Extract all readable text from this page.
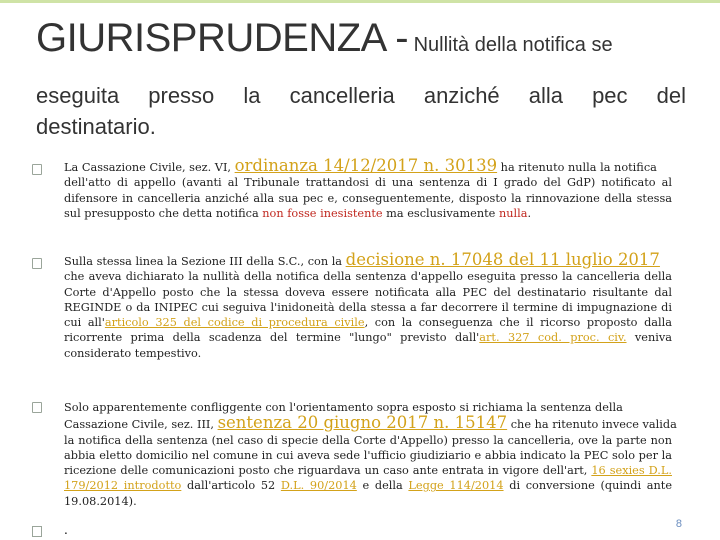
GIURISPRUDENZA - Nullità della notifica se
eseguita presso la cancelleria anziché alla pec del
destinatario.
La Cassazione Civile, sez. VI, ordinanza 14/12/2017 n. 30139 ha ritenuto nulla la notifica
dell'atto di appello (avanti al Tribunale trattandosi di una sentenza di I grado del GdP) notificato al difensore in cancelleria anziché alla sua pec e, conseguentemente, disposto la rinnovazione della stessa sul presupposto che detta notifica non fosse inesistente ma esclusivamente nulla.
Sulla stessa linea la Sezione III della S.C., con la decisione n. 17048 del 11 luglio 2017
che aveva dichiarato la nullità della notifica della sentenza d'appello eseguita presso la cancelleria della Corte d'Appello posto che la stessa doveva essere notificata alla PEC del destinatario risultante dal REGINDE o da INIPEC cui seguiva l'inidoneità della stessa a far decorrere il termine di impugnazione di cui all'articolo 325 del codice di procedura civile, con la conseguenza che il ricorso proposto dalla ricorrente prima della scadenza del termine "lungo" previsto dall'art. 327 cod. proc. civ. veniva considerato tempestivo.
Solo apparentemente confliggente con l'orientamento sopra esposto si richiama la sentenza della
Cassazione Civile, sez. III, sentenza 20 giugno 2017 n. 15147 che ha ritenuto invece valida
la notifica della sentenza (nel caso di specie della Corte d'Appello) presso la cancelleria, ove la parte non abbia eletto domicilio nel comune in cui aveva sede l'ufficio giudiziario e abbia indicato la PEC solo per la ricezione delle comunicazioni posto che riguardava un caso ante entrata in vigore dell'art, 16 sexies D.L. 179/2012 introdotto dall'articolo 52 D.L. 90/2014 e della Legge 114/2014 di conversione (quindi ante 19.08.2014).
.	8
